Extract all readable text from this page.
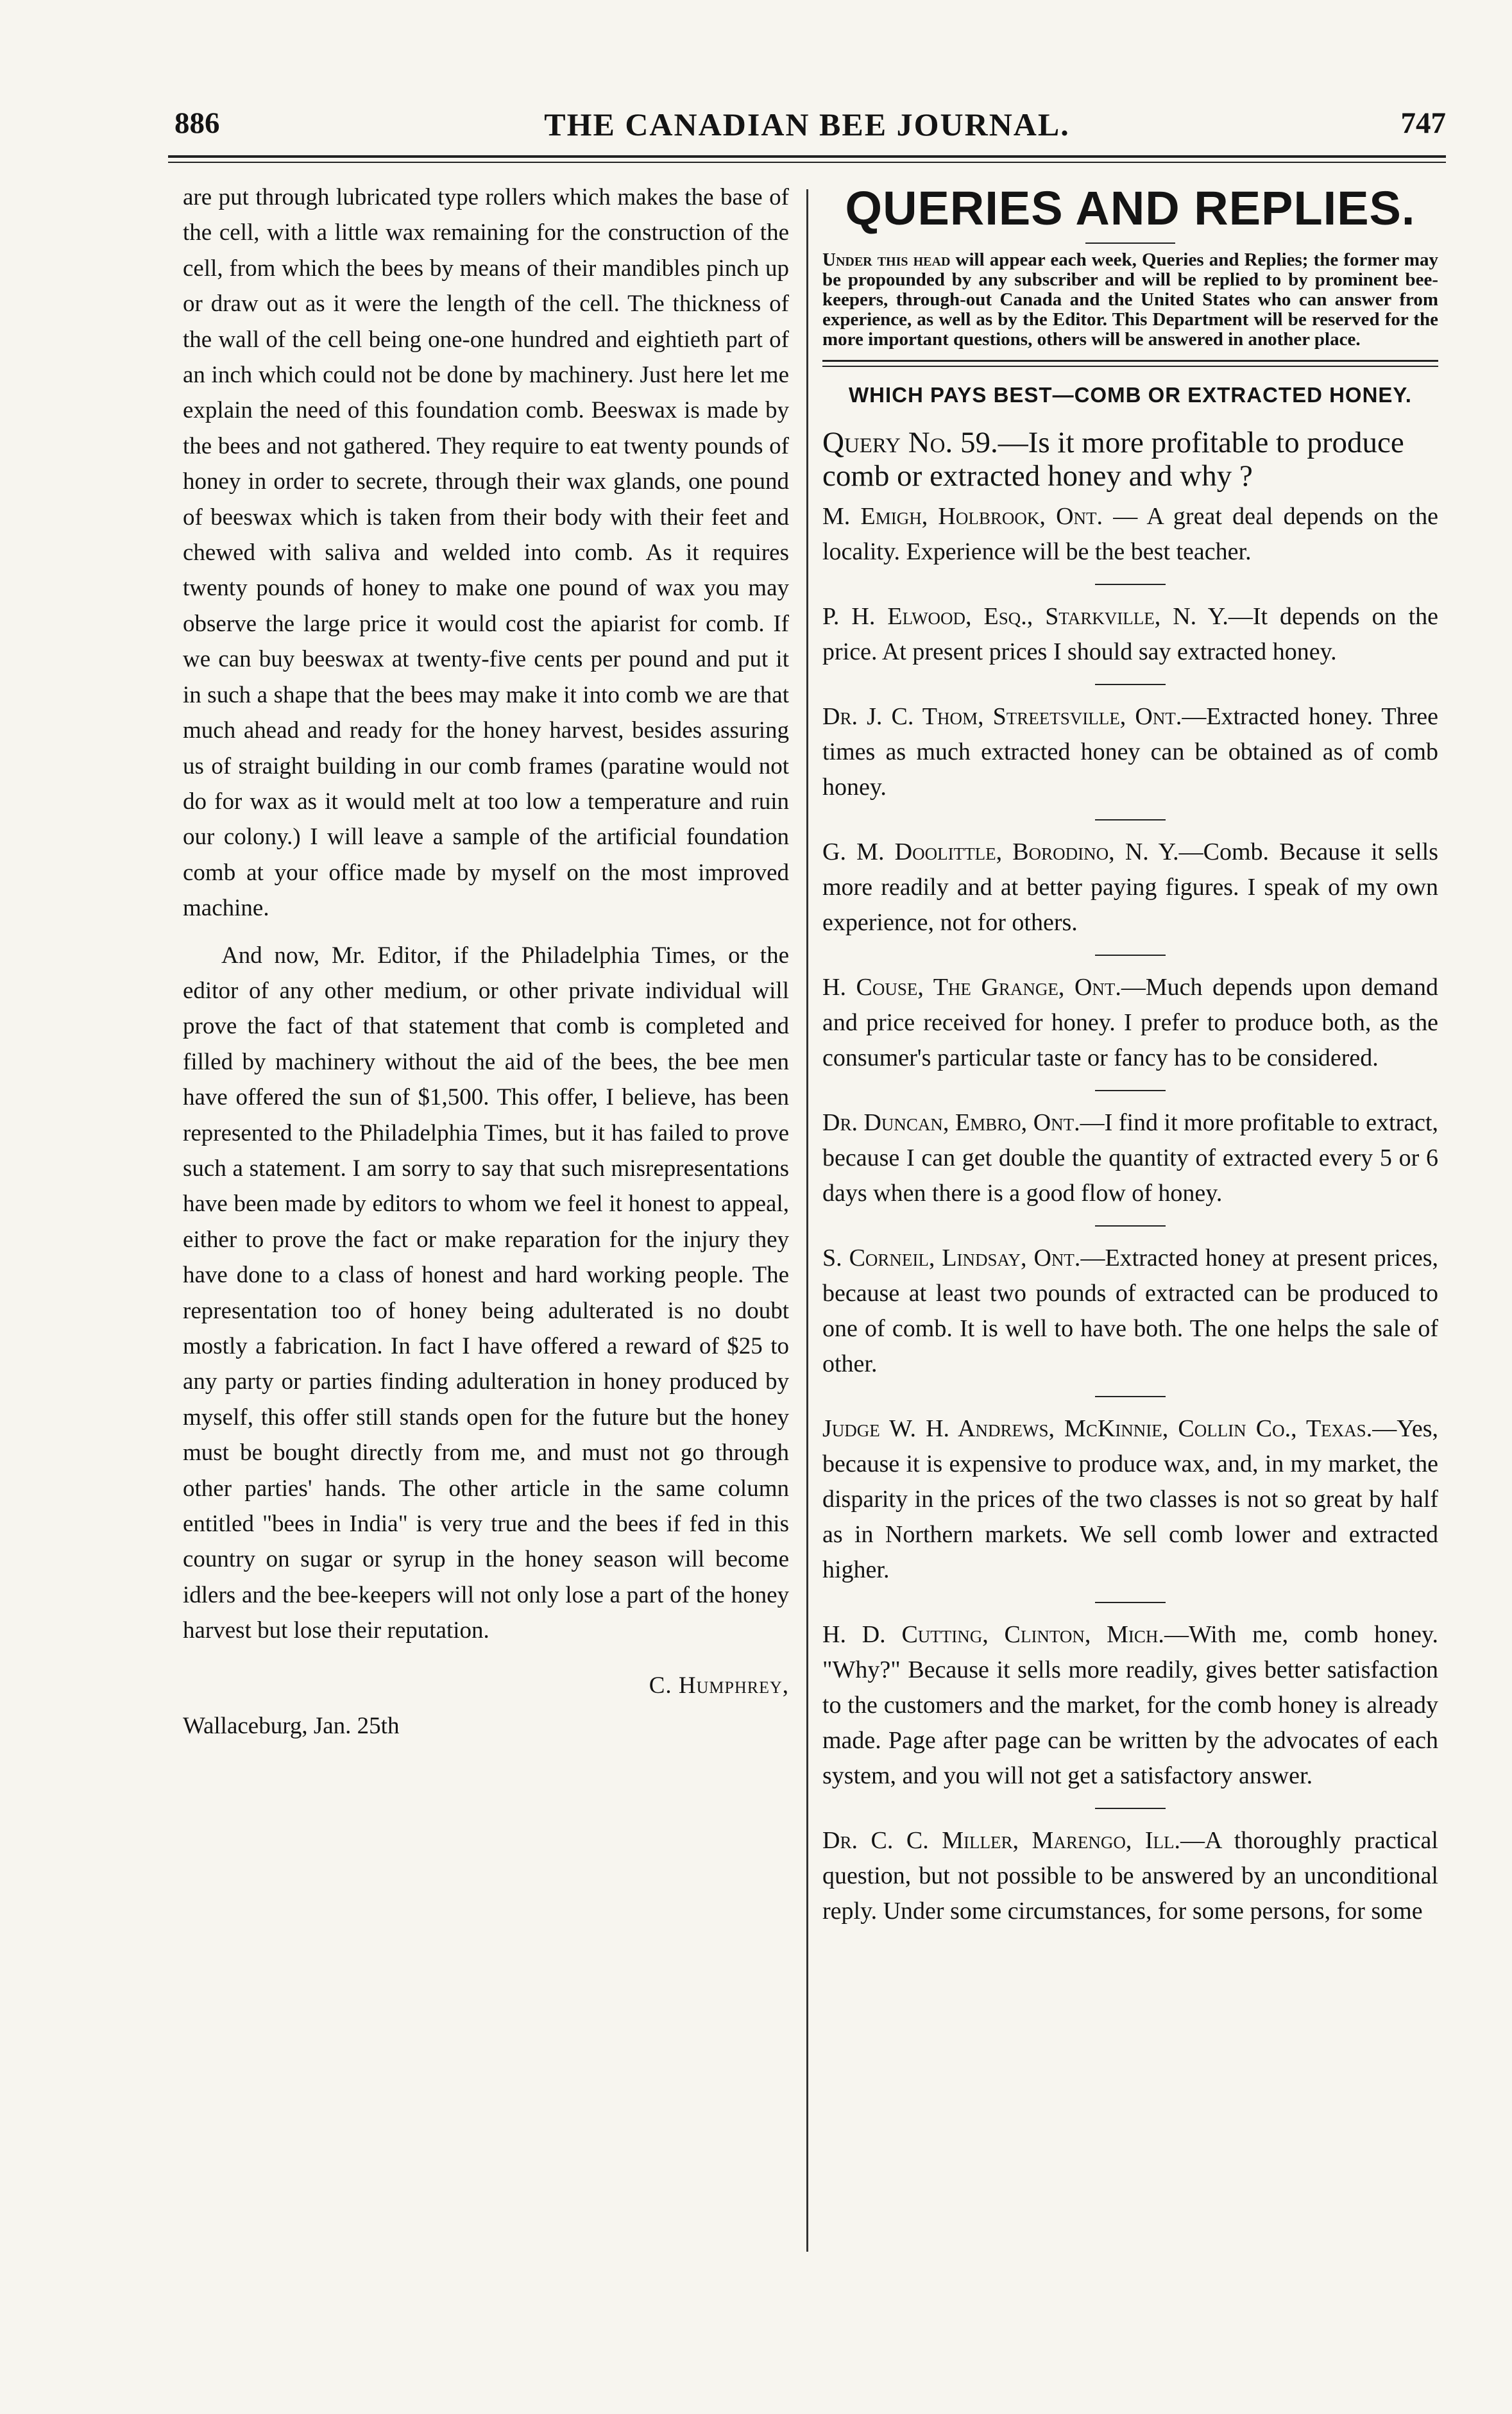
886	THE CANADIAN BEE JOURNAL.	747

are put through lubricated type rollers which makes the base of the cell, with a little wax remaining for the construction of the cell, from which the bees by means of their mandibles pinch up or draw out as it were the length of the cell. The thickness of the wall of the cell being one-one hundred and eightieth part of an inch which could not be done by machinery. Just here let me explain the need of this foundation comb. Beeswax is made by the bees and not gathered. They require to eat twenty pounds of honey in order to secrete, through their wax glands, one pound of beeswax which is taken from their body with their feet and chewed with saliva and welded into comb. As it requires twenty pounds of honey to make one pound of wax you may observe the large price it would cost the apiarist for comb. If we can buy beeswax at twenty-five cents per pound and put it in such a shape that the bees may make it into comb we are that much ahead and ready for the honey harvest, besides assuring us of straight building in our comb frames (paratine would not do for wax as it would melt at too low a temperature and ruin our colony.) I will leave a sample of the artificial foundation comb at your office made by myself on the most improved machine.

And now, Mr. Editor, if the Philadelphia Times, or the editor of any other medium, or other private individual will prove the fact of that statement that comb is completed and filled by machinery without the aid of the bees, the bee men have offered the sun of $1,500. This offer, I believe, has been represented to the Philadelphia Times, but it has failed to prove such a statement. I am sorry to say that such misrepresentations have been made by editors to whom we feel it honest to appeal, either to prove the fact or make reparation for the injury they have done to a class of honest and hard working people. The representation too of honey being adulterated is no doubt mostly a fabrication. In fact I have offered a reward of $25 to any party or parties finding adulteration in honey produced by myself, this offer still stands open for the future but the honey must be bought directly from me, and must not go through other parties' hands. The other article in the same column entitled "bees in India" is very true and the bees if fed in this country on sugar or syrup in the honey season will become idlers and the bee-keepers will not only lose a part of the honey harvest but lose their reputation.

C. Humphrey,
Wallaceburg, Jan. 25th
QUERIES AND REPLIES.

Under this head will appear each week, Queries and Replies; the former may be propounded by any subscriber and will be replied to by prominent bee-keepers, through-out Canada and the United States who can answer from experience, as well as by the Editor. This Department will be reserved for the more important questions, others will be answered in another place.

WHICH PAYS BEST—COMB OR EXTRACTED HONEY.

Query No. 59.—Is it more profitable to produce comb or extracted honey and why ?

M. Emigh, Holbrook, Ont. — A great deal depends on the locality. Experience will be the best teacher.

P. H. Elwood, Esq., Starkville, N. Y.—It depends on the price. At present prices I should say extracted honey.

Dr. J. C. Thom, Streetsville, Ont.—Extracted honey. Three times as much extracted honey can be obtained as of comb honey.

G. M. Doolittle, Borodino, N. Y.—Comb. Because it sells more readily and at better paying figures. I speak of my own experience, not for others.

H. Couse, The Grange, Ont.—Much depends upon demand and price received for honey. I prefer to produce both, as the consumer's particular taste or fancy has to be considered.

Dr. Duncan, Embro, Ont.—I find it more profitable to extract, because I can get double the quantity of extracted every 5 or 6 days when there is a good flow of honey.

S. Corneil, Lindsay, Ont.—Extracted honey at present prices, because at least two pounds of extracted can be produced to one of comb. It is well to have both. The one helps the sale of other.

Judge W. H. Andrews, McKinnie, Collin Co., Texas.—Yes, because it is expensive to produce wax, and, in my market, the disparity in the prices of the two classes is not so great by half as in Northern markets. We sell comb lower and extracted higher.

H. D. Cutting, Clinton, Mich.—With me, comb honey. "Why?" Because it sells more readily, gives better satisfaction to the customers and the market, for the comb honey is already made. Page after page can be written by the advocates of each system, and you will not get a satisfactory answer.

Dr. C. C. Miller, Marengo, Ill.—A thoroughly practical question, but not possible to be answered by an unconditional reply. Under some circumstances, for some persons, for some
